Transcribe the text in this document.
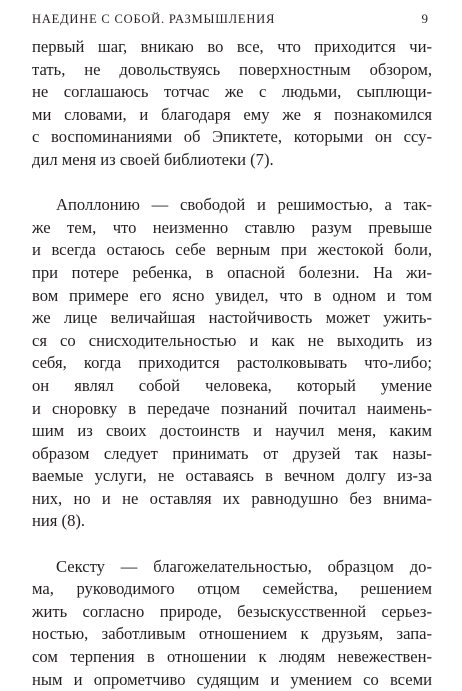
НАЕДИНЕ С СОБОЙ. РАЗМЫШЛЕНИЯ	9

первый шаг, вникаю во все, что приходится чи-
тать, не довольствуясь поверхностным обзором,
не соглашаюсь тотчас же с людьми, сыплющи-
ми словами, и благодаря ему же я познакомился
с воспоминаниями об Эпиктете, которыми он ссу-
дил меня из своей библиотеки (7).

Аполлонию — свободой и решимостью, а так-
же тем, что неизменно ставлю разум превыше
и всегда остаюсь себе верным при жестокой боли,
при потере ребенка, в опасной болезни. На жи-
вом примере его ясно увидел, что в одном и том
же лице величайшая настойчивость может ужить-
ся со снисходительностью и как не выходить из
себя, когда приходится растолковывать что-либо;
он являл собой человека, который умение
и сноровку в передаче познаний почитал наимень-
шим из своих достоинств и научил меня, каким
образом следует принимать от друзей так назы-
ваемые услуги, не оставаясь в вечном долгу из-за
них, но и не оставляя их равнодушно без внима-
ния (8).

Сексту — благожелательностью, образцом до-
ма, руководимого отцом семейства, решением
жить согласно природе, безыскусственной серьез-
ностью, заботливым отношением к друзьям, запа-
сом терпения в отношении к людям невежествен-
ным и опрометчиво судящим и умением со всеми
